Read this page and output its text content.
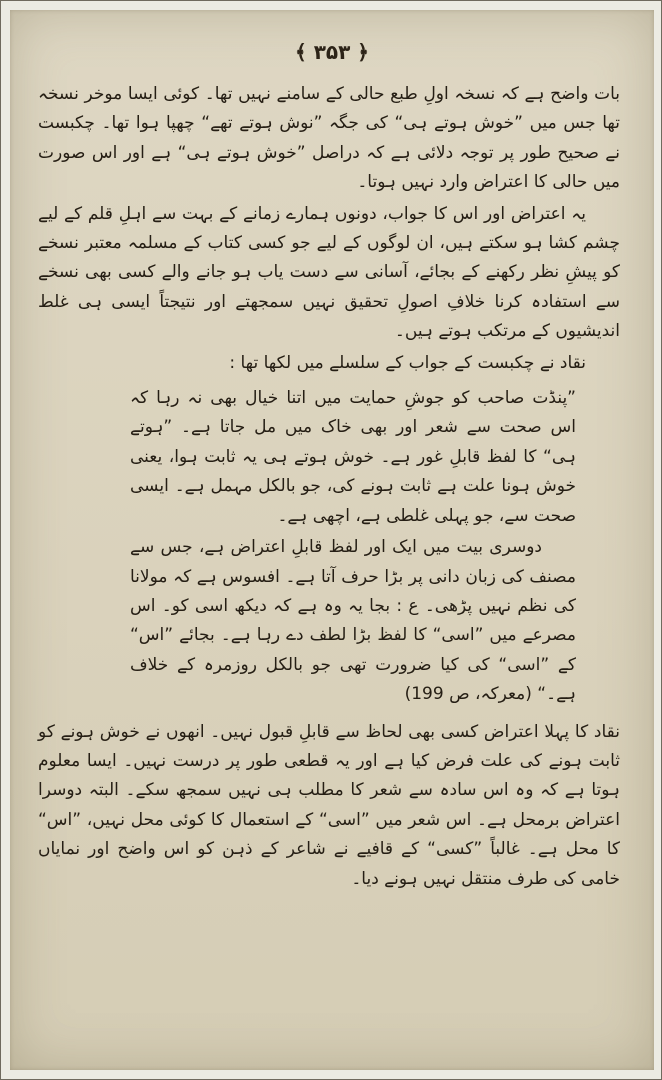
﴿ ۳۵۳ ﴾

بات واضح ہے کہ نسخہ اولِ طبع حالی کے سامنے نہیں تھا۔ کوئی ایسا موخر نسخہ تھا جس میں ”خوش ہوتے ہی“ کی جگہ ”نوش ہوتے تھے“ چھپا ہوا تھا۔ چکبست نے صحیح طور پر توجہ دلائی ہے کہ دراصل ”خوش ہوتے ہی“ ہے اور اس صورت میں حالی کا اعتراض وارد نہیں ہوتا۔

یہ اعتراض اور اس کا جواب، دونوں ہمارے زمانے کے بہت سے اہلِ قلم کے لیے چشم کشا ہو سکتے ہیں، ان لوگوں کے لیے جو کسی کتاب کے مسلمہ معتبر نسخے کو پیشِ نظر رکھنے کے بجائے، آسانی سے دست یاب ہو جانے والے کسی بھی نسخے سے استفادہ کرنا خلافِ اصولِ تحقیق نہیں سمجھتے اور نتیجتاً ایسی ہی غلط اندیشیوں کے مرتکب ہوتے ہیں۔

نقاد نے چکبست کے جواب کے سلسلے میں لکھا تھا :

”پنڈت صاحب کو جوشِ حمایت میں اتنا خیال بھی نہ رہا کہ اس صحت سے شعر اور بھی خاک میں مل جاتا ہے۔ ”ہوتے ہی“ کا لفظ قابلِ غور ہے۔ خوش ہوتے ہی یہ ثابت ہوا، یعنی خوش ہونا علت ہے ثابت ہونے کی، جو بالکل مہمل ہے۔ ایسی صحت سے، جو پہلی غلطی ہے، اچھی ہے۔

دوسری بیت میں ایک اور لفظ قابلِ اعتراض ہے، جس سے مصنف کی زبان دانی پر بڑا حرف آتا ہے۔ افسوس ہے کہ مولانا کی نظم نہیں پڑھی۔ ع : بجا یہ وہ ہے کہ دیکھ اسی کو۔ اس مصرعے میں ”اسی“ کا لفظ بڑا لطف دے رہا ہے۔ بجائے ”اس“ کے ”اسی“ کی کیا ضرورت تھی جو بالکل روزمرہ کے خلاف ہے۔“ (معرکہ، ص 199)

نقاد کا پہلا اعتراض کسی بھی لحاظ سے قابلِ قبول نہیں۔ انھوں نے خوش ہونے کو ثابت ہونے کی علت فرض کیا ہے اور یہ قطعی طور پر درست نہیں۔ ایسا معلوم ہوتا ہے کہ وہ اس سادہ سے شعر کا مطلب ہی نہیں سمجھ سکے۔ البتہ دوسرا اعتراض برمحل ہے۔ اس شعر میں ”اسی“ کے استعمال کا کوئی محل نہیں، ”اس“ کا محل ہے۔ غالباً ”کسی“ کے قافیے نے شاعر کے ذہن کو اس واضح اور نمایاں خامی کی طرف منتقل نہیں ہونے دیا۔
